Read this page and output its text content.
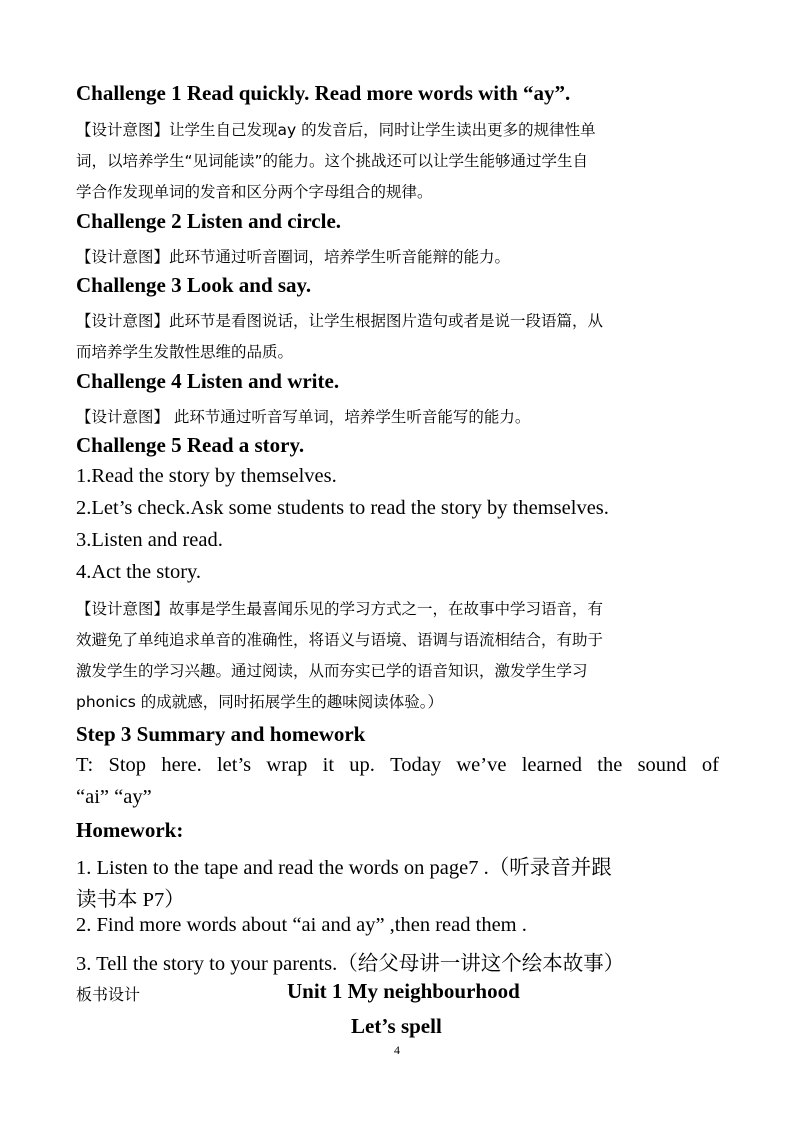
Challenge 1 Read quickly. Read more words with “ay”.
【设计意图】让学生自己发现ay 的发音后，同时让学生读出更多的规律性单
词，以培养学生“见词能读”的能力。这个挑战还可以让学生能够通过学生自
学合作发现单词的发音和区分两个字母组合的规律。
Challenge 2 Listen and circle.
【设计意图】此环节通过听音圈词，培养学生听音能辩的能力。
Challenge 3 Look and say.
【设计意图】此环节是看图说话，让学生根据图片造句或者是说一段语篇，从
而培养学生发散性思维的品质。
Challenge 4 Listen and write.
【设计意图】 此环节通过听音写单词，培养学生听音能写的能力。
Challenge 5 Read a story.
1.Read the story by themselves.
2.Let’s check.Ask some students to read the story by themselves.
3.Listen and read.
4.Act the story.
【设计意图】故事是学生最喜闻乐见的学习方式之一，在故事中学习语音，有
效避免了单纯追求单音的准确性，将语义与语境、语调与语流相结合，有助于
激发学生的学习兴趣。通过阅读，从而夯实已学的语音知识，激发学生学习
phonics 的成就感，同时拓展学生的趣味阅读体验。）
Step 3 Summary and homework
T: Stop here. let’s wrap it up. Today we’ve learned the sound of
“ai” “ay”
Homework:
1. Listen to the tape and read the words on page7 .（听录音并跟
读书本 P7）
2. Find more words about “ai and ay” ,then read them .
3. Tell the story to your parents.（给父母讲一讲这个绘本故事）
板书设计	Unit 1 My neighbourhood
Let’s spell
4
